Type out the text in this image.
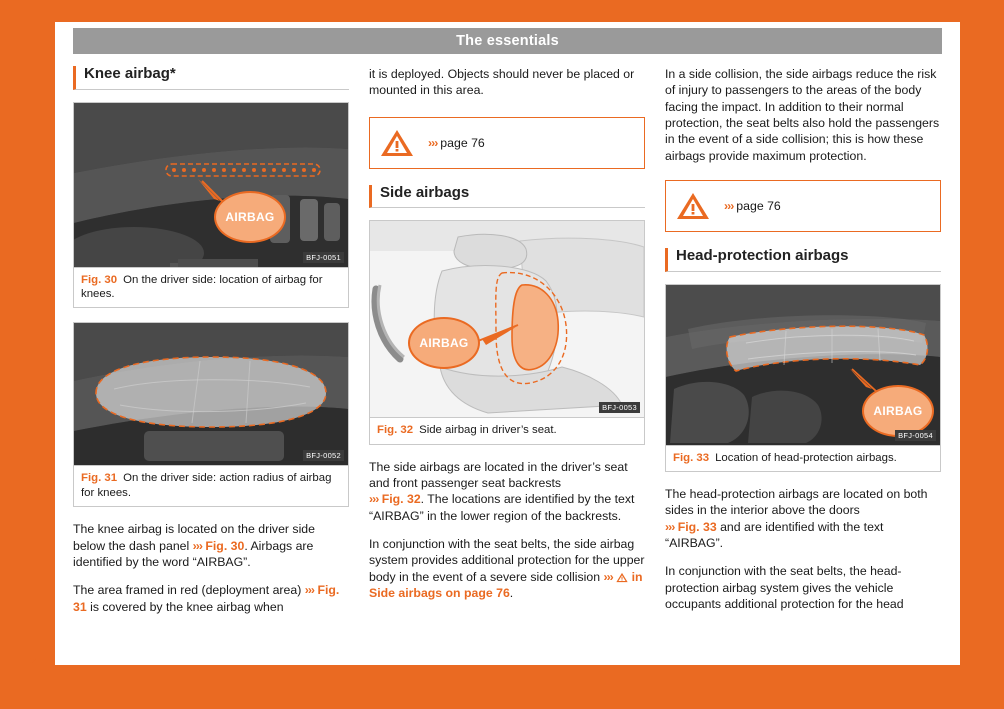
The essentials
Knee airbag*
AIRBAG
BFJ-0051
Fig. 30 On the driver side: location of airbag for knees.
BFJ-0052
Fig. 31 On the driver side: action radius of airbag for knees.

The knee airbag is located on the driver side below the dash panel ››› Fig. 30. Airbags are identified by the word “AIRBAG”.

The area framed in red (deployment area) ››› Fig. 31 is covered by the knee airbag when

it is deployed. Objects should never be placed or mounted in this area.

››› page 76
Side airbags
AIRBAG
BFJ-0053
Fig. 32 Side airbag in driver’s seat.

The side airbags are located in the driver’s seat and front passenger seat backrests
››› Fig. 32. The locations are identified by the text “AIRBAG” in the lower region of the backrests.

In conjunction with the seat belts, the side airbag system provides additional protection for the upper body in the event of a severe side collision ››› in Side airbags on page 76.

In a side collision, the side airbags reduce the risk of injury to passengers to the areas of the body facing the impact. In addition to their normal protection, the seat belts also hold the passengers in the event of a side collision; this is how these airbags provide maximum protection.

››› page 76
Head-protection airbags
AIRBAG
BFJ-0054
Fig. 33 Location of head-protection airbags.

The head-protection airbags are located on both sides in the interior above the doors
››› Fig. 33 and are identified with the text “AIRBAG”.

In conjunction with the seat belts, the head-protection airbag system gives the vehicle occupants additional protection for the head

24
